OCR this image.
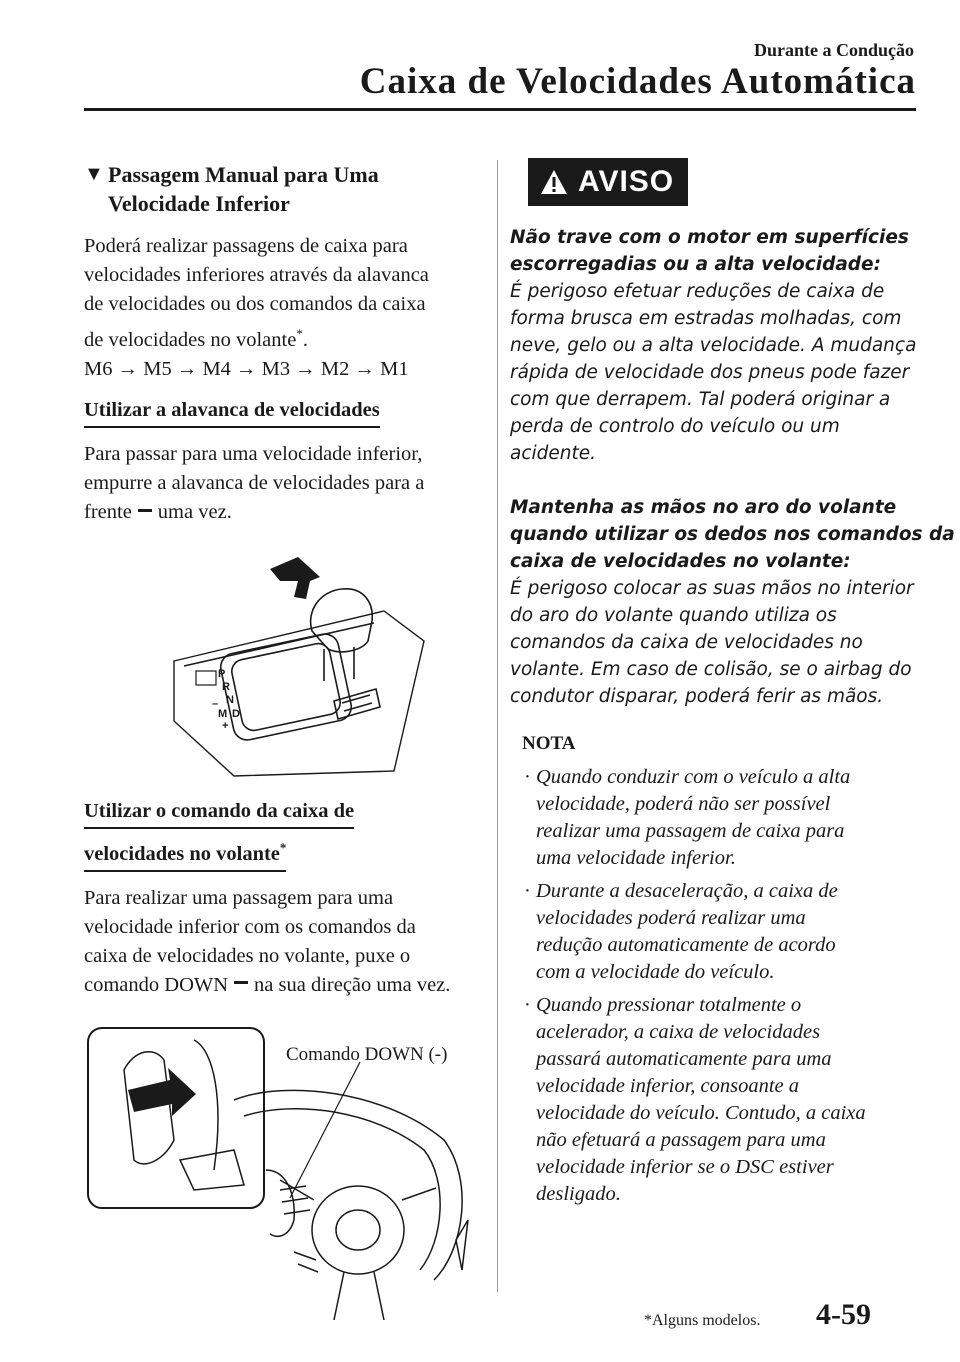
Durante a Condução
Caixa de Velocidades Automática
▼ Passagem Manual para Uma
Velocidade Inferior
Poderá realizar passagens de caixa para
velocidades inferiores através da alavanca
de velocidades ou dos comandos da caixa
de velocidades no volante*.
M6 → M5 → M4 → M3 → M2 → M1
Utilizar a alavanca de velocidades
Para passar para uma velocidade inferior,
empurre a alavanca de velocidades para a
frente uma vez.
P
R
N
D
M
+
–
Utilizar o comando da caixa de
velocidades no volante*
Para realizar uma passagem para uma
velocidade inferior com os comandos da
caixa de velocidades no volante, puxe o
comando DOWN na sua direção uma vez.
Comando DOWN (-)
AVISO
Não trave com o motor em superfícies
escorregadias ou a alta velocidade:
É perigoso efetuar reduções de caixa de
forma brusca em estradas molhadas, com
neve, gelo ou a alta velocidade. A mudança
rápida de velocidade dos pneus pode fazer
com que derrapem. Tal poderá originar a
perda de controlo do veículo ou um
acidente.
Mantenha as mãos no aro do volante
quando utilizar os dedos nos comandos da
caixa de velocidades no volante:
É perigoso colocar as suas mãos no interior
do aro do volante quando utiliza os
comandos da caixa de velocidades no
volante. Em caso de colisão, se o airbag do
condutor disparar, poderá ferir as mãos.
NOTA
· Quando conduzir com o veículo a alta
velocidade, poderá não ser possível
realizar uma passagem de caixa para
uma velocidade inferior.
· Durante a desaceleração, a caixa de
velocidades poderá realizar uma
redução automaticamente de acordo
com a velocidade do veículo.
· Quando pressionar totalmente o
acelerador, a caixa de velocidades
passará automaticamente para uma
velocidade inferior, consoante a
velocidade do veículo. Contudo, a caixa
não efetuará a passagem para uma
velocidade inferior se o DSC estiver
desligado.
*Alguns modelos. 4-59
